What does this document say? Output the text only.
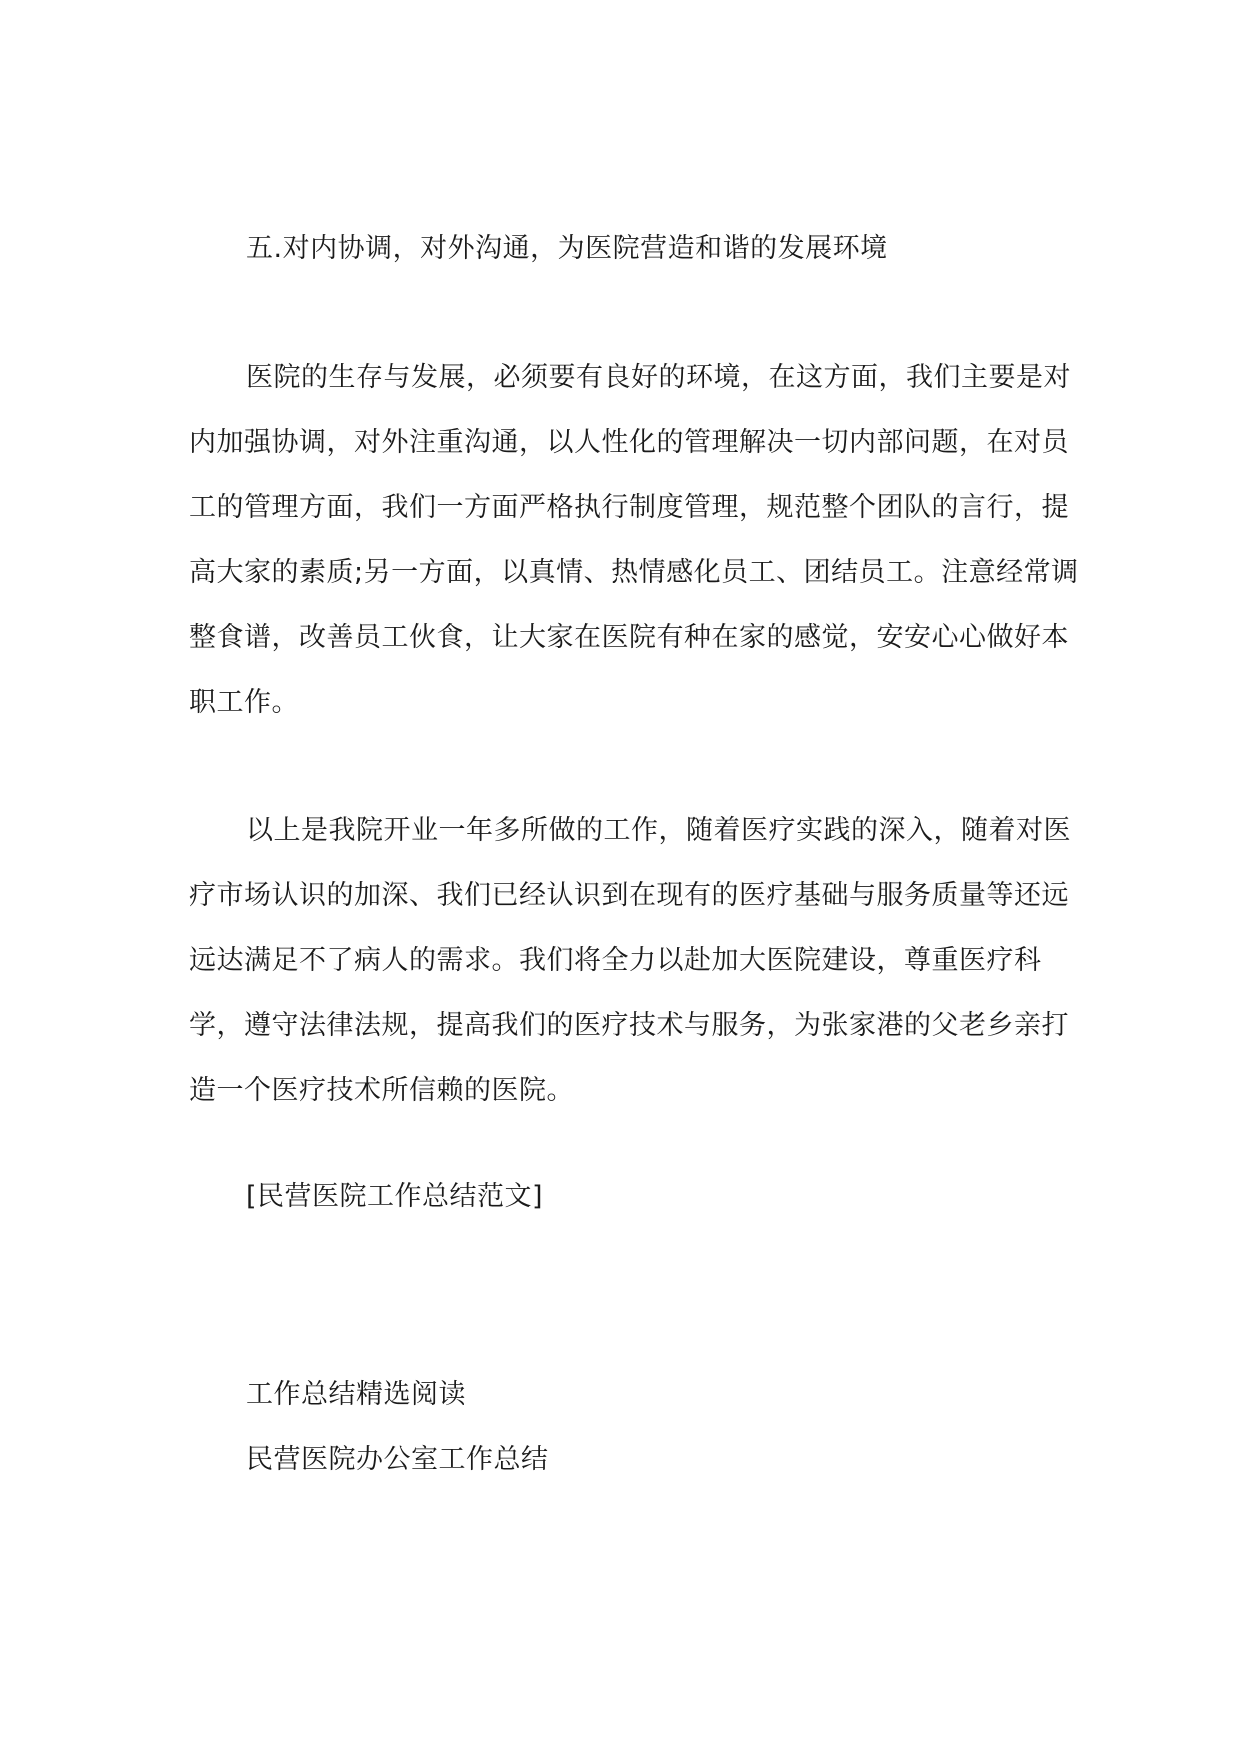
五.对内协调，对外沟通，为医院营造和谐的发展环境

医院的生存与发展，必须要有良好的环境，在这方面，我们主要是对内加强协调，对外注重沟通，以人性化的管理解决一切内部问题，在对员工的管理方面，我们一方面严格执行制度管理，规范整个团队的言行，提高大家的素质;另一方面，以真情、热情感化员工、团结员工。注意经常调整食谱，改善员工伙食，让大家在医院有种在家的感觉，安安心心做好本职工作。

以上是我院开业一年多所做的工作，随着医疗实践的深入，随着对医疗市场认识的加深、我们已经认识到在现有的医疗基础与服务质量等还远远达满足不了病人的需求。我们将全力以赴加大医院建设，尊重医疗科学，遵守法律法规，提高我们的医疗技术与服务，为张家港的父老乡亲打造一个医疗技术所信赖的医院。

[民营医院工作总结范文]
工作总结精选阅读
民营医院办公室工作总结
